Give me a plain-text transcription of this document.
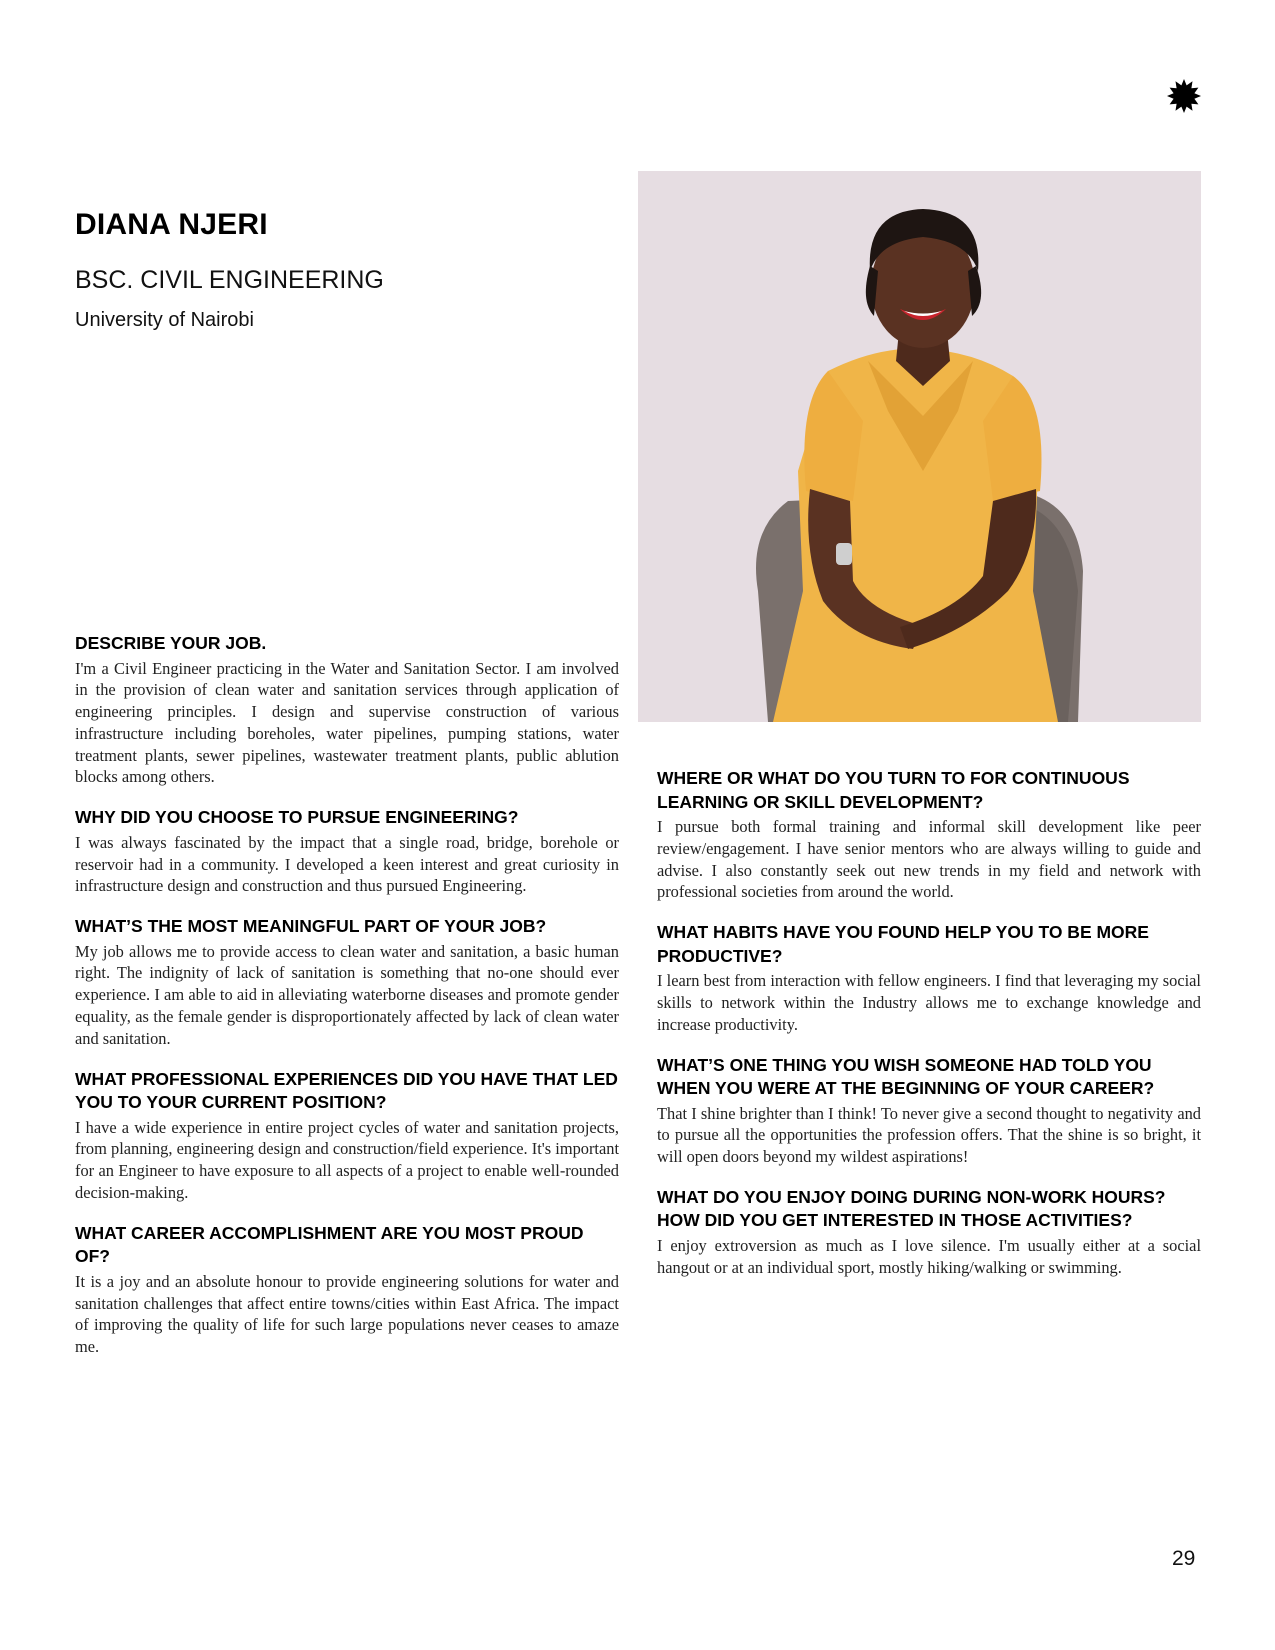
DIANA NJERI

BSC. CIVIL ENGINEERING

University of Nairobi

DESCRIBE YOUR JOB.

I'm a Civil Engineer practicing in the Water and Sanitation Sector. I am involved in the provision of clean water and sanitation services through application of engineering principles. I design and supervise construction of various infrastructure including boreholes, water pipelines, pumping stations, water treatment plants, sewer pipelines, wastewater treatment plants, public ablution blocks among others.

WHY DID YOU CHOOSE TO PURSUE ENGINEERING?

I was always fascinated by the impact that a single road, bridge, borehole or reservoir had in a community. I developed a keen interest and great curiosity in infrastructure design and construction and thus pursued Engineering.

WHAT’S THE MOST MEANINGFUL PART OF YOUR JOB?

My job allows me to provide access to clean water and sanitation, a basic human right. The indignity of lack of sanitation is something that no-one should ever experience. I am able to aid in alleviating waterborne diseases and promote gender equality, as the female gender is disproportionately affected by lack of clean water and sanitation.

WHAT PROFESSIONAL EXPERIENCES DID YOU HAVE THAT LED YOU TO YOUR CURRENT POSITION?

I have a wide experience in entire project cycles of water and sanitation projects, from planning, engineering design and construction/field experience. It's important for an Engineer to have exposure to all aspects of a project to enable well-rounded decision-making.

WHAT CAREER ACCOMPLISHMENT ARE YOU MOST PROUD OF?

It is a joy and an absolute honour to provide engineering solutions for water and sanitation challenges that affect entire towns/cities within East Africa. The impact of improving the quality of life for such large populations never ceases to amaze me.

WHERE OR WHAT DO YOU TURN TO FOR CONTINUOUS LEARNING OR SKILL DEVELOPMENT?

I pursue both formal training and informal skill development like peer review/engagement. I have senior mentors who are always willing to guide and advise. I also constantly seek out new trends in my field and network with professional societies from around the world.

WHAT HABITS HAVE YOU FOUND HELP YOU TO BE MORE PRODUCTIVE?

I learn best from interaction with fellow engineers. I find that leveraging my social skills to network within the Industry allows me to exchange knowledge and increase productivity.

WHAT’S ONE THING YOU WISH SOMEONE HAD TOLD YOU WHEN YOU WERE AT THE BEGINNING OF YOUR CAREER?

That I shine brighter than I think! To never give a second thought to negativity and to pursue all the opportunities the profession offers. That the shine is so bright, it will open doors beyond my wildest aspirations!

WHAT DO YOU ENJOY DOING DURING NON-WORK HOURS? HOW DID YOU GET INTERESTED IN THOSE ACTIVITIES?

I enjoy extroversion as much as I love silence. I'm usually either at a social hangout or at an individual sport, mostly hiking/walking or swimming.

29
